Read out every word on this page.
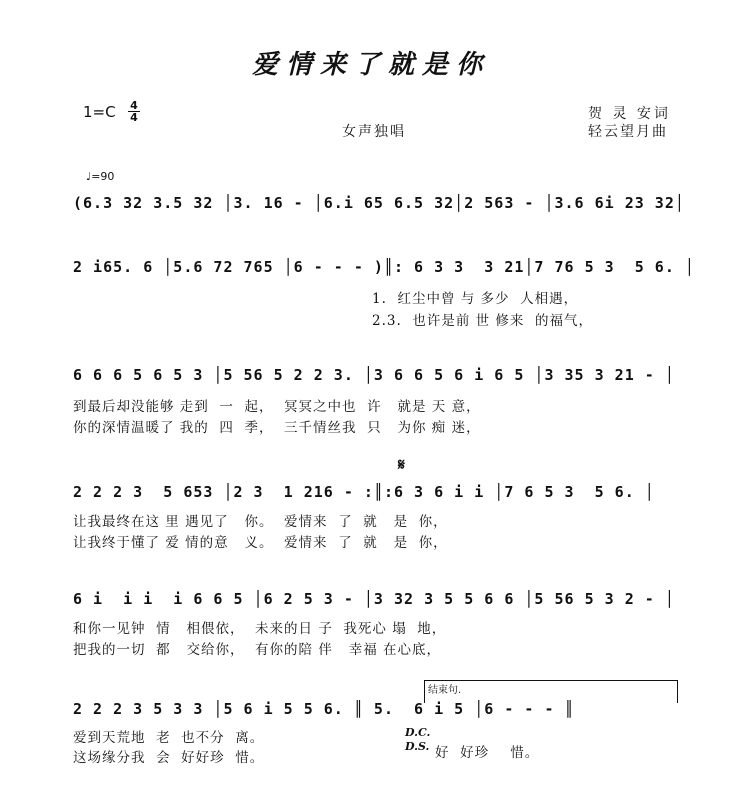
爱情来了就是你
1=C 4
4
女声独唱
贺 灵 安词
轻云望月曲
♩=90
(6.3 32 3.5 32 │3. 16 - │6.i 65 6.5 32│2 563 - │3.6 6i 23 32│
2 i65. 6 │5.6 72 765 │6 - - - )║: 6 3 3  3 21│7 76 5 3  5 6. │
1.  红尘中曾 与 多少  人相遇，
2.3.  也许是前 世 修来  的福气，
6 6 6 5 6 5 3 │5 56 5 2 2 3. │3 6 6 5 6 i 6 5 │3 35 3 21 - │
到最后却没能够 走到  一  起，  冥冥之中也  许   就是 天 意，
你的深情温暖了 我的  四  季，  三千情丝我  只   为你 痴 迷，
𝄋
2 2 2 3  5 653 │2 3  1 216 - :║:6 3 6 i i │7 6 5 3  5 6. │
让我最终在这 里 遇见了   你。  爱情来  了  就   是  你，
让我终于懂了 爱 情的意   义。  爱情来  了  就   是  你，
6 i  i i  i 6 6 5 │6 2 5 3 - │3 32 3 5 5 6 6 │5 56 5 3 2 - │
和你一见钟  情   相偎依，  未来的日 子  我死心 塌  地，
把我的一切  都   交给你，  有你的陪 伴   幸福 在心底，
结束句.
2 2 2 3 5 3 3 │5 6 i 5 5 6. ║ 5.  6 i 5 │6 - - - ║
爱到天荒地  老  也不分  离。
这场缘分我  会  好好珍  惜。
D.C.
D.S. 好  好珍    惜。
